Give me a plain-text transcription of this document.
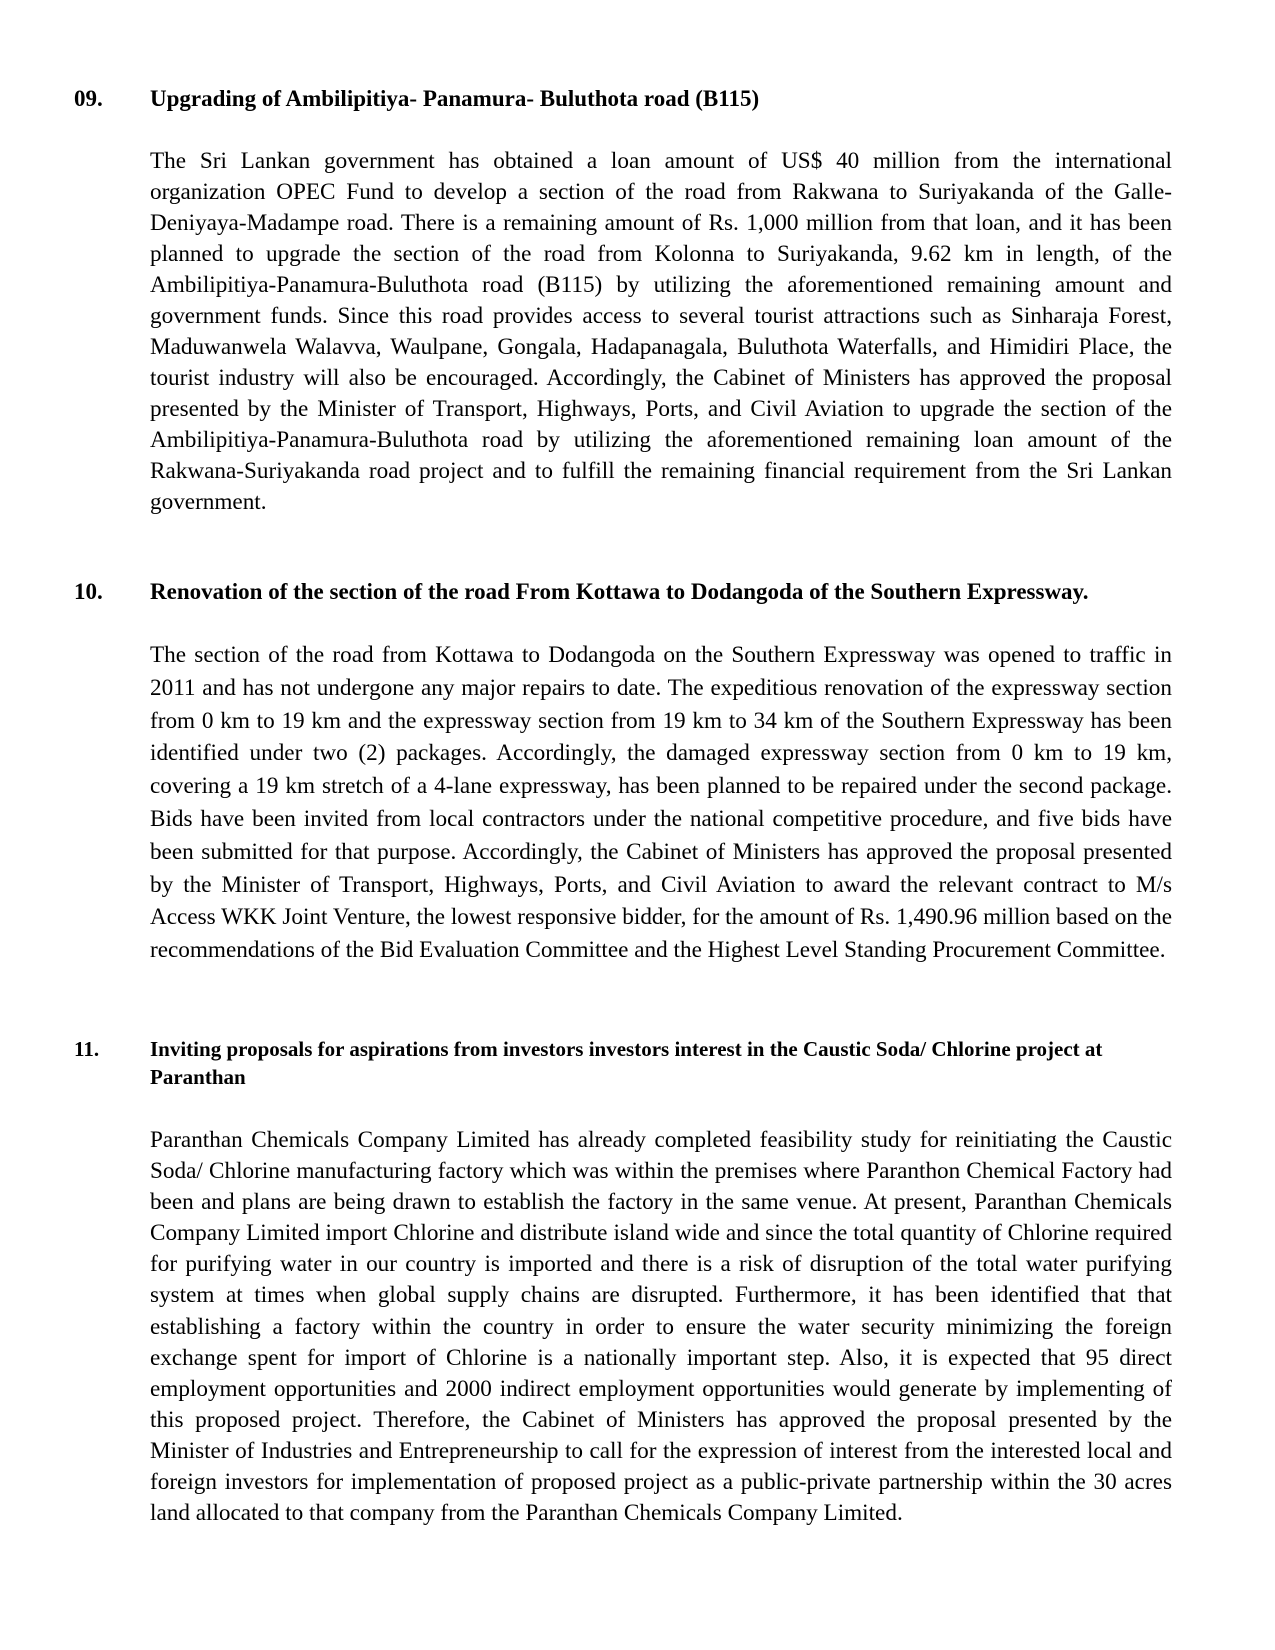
09. Upgrading of Ambilipitiya- Panamura- Buluthota road (B115)

The Sri Lankan government has obtained a loan amount of US$ 40 million from the international organization OPEC Fund to develop a section of the road from Rakwana to Suriyakanda of the Galle-Deniyaya-Madampe road. There is a remaining amount of Rs. 1,000 million from that loan, and it has been planned to upgrade the section of the road from Kolonna to Suriyakanda, 9.62 km in length, of the Ambilipitiya-Panamura-Buluthota road (B115) by utilizing the aforementioned remaining amount and government funds. Since this road provides access to several tourist attractions such as Sinharaja Forest, Maduwanwela Walavva, Waulpane, Gongala, Hadapanagala, Buluthota Waterfalls, and Himidiri Place, the tourist industry will also be encouraged. Accordingly, the Cabinet of Ministers has approved the proposal presented by the Minister of Transport, Highways, Ports, and Civil Aviation to upgrade the section of the Ambilipitiya-Panamura-Buluthota road by utilizing the aforementioned remaining loan amount of the Rakwana-Suriyakanda road project and to fulfill the remaining financial requirement from the Sri Lankan government.

10. Renovation of the section of the road From Kottawa to Dodangoda of the Southern Expressway.

The section of the road from Kottawa to Dodangoda on the Southern Expressway was opened to traffic in 2011 and has not undergone any major repairs to date. The expeditious renovation of the expressway section from 0 km to 19 km and the expressway section from 19 km to 34 km of the Southern Expressway has been identified under two (2) packages. Accordingly, the damaged expressway section from 0 km to 19 km, covering a 19 km stretch of a 4-lane expressway, has been planned to be repaired under the second package. Bids have been invited from local contractors under the national competitive procedure, and five bids have been submitted for that purpose. Accordingly, the Cabinet of Ministers has approved the proposal presented by the Minister of Transport, Highways, Ports, and Civil Aviation to award the relevant contract to M/s Access WKK Joint Venture, the lowest responsive bidder, for the amount of Rs. 1,490.96 million based on the recommendations of the Bid Evaluation Committee and the Highest Level Standing Procurement Committee.

11. Inviting proposals for aspirations from investors investors interest in the Caustic Soda/ Chlorine project at Paranthan

Paranthan Chemicals Company Limited has already completed feasibility study for reinitiating the Caustic Soda/ Chlorine manufacturing factory which was within the premises where Paranthon Chemical Factory had been and plans are being drawn to establish the factory in the same venue. At present, Paranthan Chemicals Company Limited import Chlorine and distribute island wide and since the total quantity of Chlorine required for purifying water in our country is imported and there is a risk of disruption of the total water purifying system at times when global supply chains are disrupted. Furthermore, it has been identified that that establishing a factory within the country in order to ensure the water security minimizing the foreign exchange spent for import of Chlorine is a nationally important step. Also, it is expected that 95 direct employment opportunities and 2000 indirect employment opportunities would generate by implementing of this proposed project. Therefore, the Cabinet of Ministers has approved the proposal presented by the Minister of Industries and Entrepreneurship to call for the expression of interest from the interested local and foreign investors for implementation of proposed project as a public-private partnership within the 30 acres land allocated to that company from the Paranthan Chemicals Company Limited.
